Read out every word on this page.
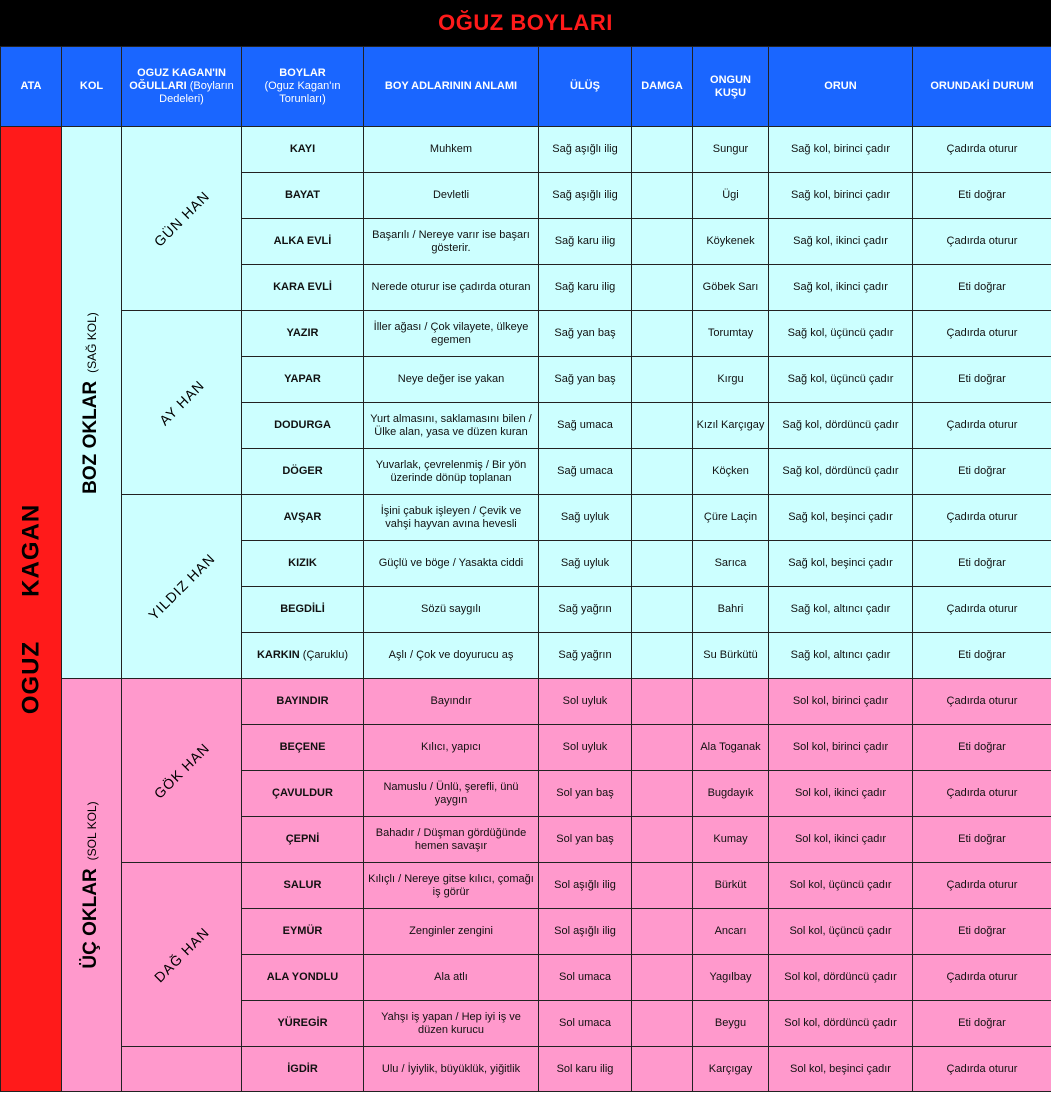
OĞUZ BOYLARI
ATA	KOL	OGUZ KAGAN'IN OĞULLARI (Boyların Dedeleri)	BOYLAR
(Oguz Kagan'ın Torunları)	BOY ADLARININ ANLAMI	ÜLÜŞ	DAMGA	ONGUN KUŞU	ORUN	ORUNDAKİ DURUM

OGUZKAGAN	BOZ OKLAR(SAĞ KOL)	GÜN HAN	KAYI	Muhkem	Sağ aşığlı ilig		Sungur	Sağ kol, birinci çadır	Çadırda oturur
			BAYAT	Devletli	Sağ aşığlı ilig		Ügi	Sağ kol, birinci çadır	Eti doğrar
			ALKA EVLİ	Başarılı / Nereye varır ise başarı gösterir.	Sağ karu ilig		Köykenek	Sağ kol, ikinci çadır	Çadırda oturur
			KARA EVLİ	Nerede oturur ise çadırda oturan	Sağ karu ilig		Göbek Sarı	Sağ kol, ikinci çadır	Eti doğrar

		AY HAN	YAZIR	İller ağası / Çok vilayete, ülkeye egemen	Sağ yan baş		Torumtay	Sağ kol, üçüncü çadır	Çadırda oturur
			YAPAR	Neye değer ise yakan	Sağ yan baş		Kırgu	Sağ kol, üçüncü çadır	Eti doğrar
			DODURGA	Yurt almasını, saklamasını bilen / Ülke alan, yasa ve düzen kuran	Sağ umaca		Kızıl Karçıgay	Sağ kol, dördüncü çadır	Çadırda oturur
			DÖGER	Yuvarlak, çevrelenmiş / Bir yön üzerinde dönüp toplanan	Sağ umaca		Köçken	Sağ kol, dördüncü çadır	Eti doğrar

		YILDIZ HAN	AVŞAR	İşini çabuk işleyen / Çevik ve vahşi hayvan avına hevesli	Sağ uyluk		Çüre Laçin	Sağ kol, beşinci çadır	Çadırda oturur
			KIZIK	Güçlü ve böge / Yasakta ciddi	Sağ uyluk		Sarıca	Sağ kol, beşinci çadır	Eti doğrar
			BEGDİLİ	Sözü saygılı	Sağ yağrın		Bahri	Sağ kol, altıncı çadır	Çadırda oturur
			KARKIN (Çaruklu)	Aşlı / Çok ve doyurucu aş	Sağ yağrın		Su Bürkütü	Sağ kol, altıncı çadır	Eti doğrar

	ÜÇ OKLAR(SOL KOL)	GÖK HAN	BAYINDIR	Bayındır	Sol uyluk			Sol kol, birinci çadır	Çadırda oturur
			BEÇENE	Kılıcı, yapıcı	Sol uyluk		Ala Toganak	Sol kol, birinci çadır	Eti doğrar
			ÇAVULDUR	Namuslu / Ünlü, şerefli, ünü yaygın	Sol yan baş		Bugdayık	Sol kol, ikinci çadır	Çadırda oturur
			ÇEPNİ	Bahadır / Düşman gördüğünde hemen savaşır	Sol yan baş		Kumay	Sol kol, ikinci çadır	Eti doğrar

		DAĞ HAN	SALUR	Kılıçlı / Nereye gitse kılıcı, çomağı iş görür	Sol aşığlı ilig		Bürküt	Sol kol, üçüncü çadır	Çadırda oturur
			EYMÜR	Zenginler zengini	Sol aşığlı ilig		Ancarı	Sol kol, üçüncü çadır	Eti doğrar
			ALA YONDLU	Ala atlı	Sol umaca		Yagılbay	Sol kol, dördüncü çadır	Çadırda oturur
			YÜREGİR	Yahşı iş yapan / Hep iyi iş ve düzen kurucu	Sol umaca		Beygu	Sol kol, dördüncü çadır	Eti doğrar
			İGDİR	Ulu / İyiylik, büyüklük, yiğitlik	Sol karu ilig		Karçıgay	Sol kol, beşinci çadır	Çadırda oturur
